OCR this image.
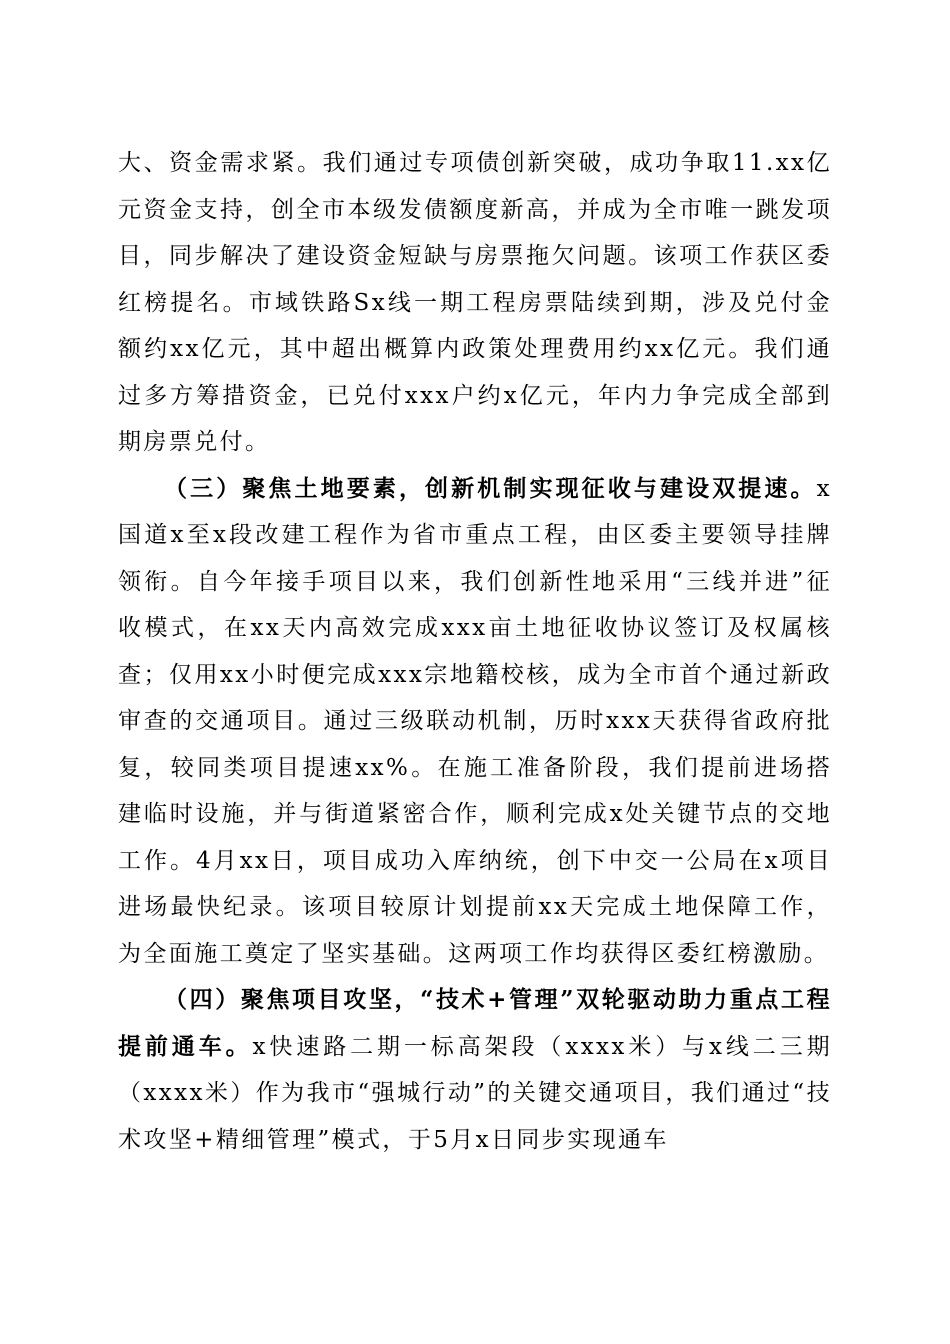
大、资金需求紧。我们通过专项债创新突破，成功争取11.xx亿元资金支持，创全市本级发债额度新高，并成为全市唯一跳发项目，同步解决了建设资金短缺与房票拖欠问题。该项工作获区委红榜提名。市域铁路Sx线一期工程房票陆续到期，涉及兑付金额约xx亿元，其中超出概算内政策处理费用约xx亿元。我们通过多方筹措资金，已兑付xxx户约x亿元，年内力争完成全部到期房票兑付。

（三）聚焦土地要素，创新机制实现征收与建设双提速。x国道x至x段改建工程作为省市重点工程，由区委主要领导挂牌领衔。自今年接手项目以来，我们创新性地采用“三线并进”征收模式，在xx天内高效完成xxx亩土地征收协议签订及权属核查；仅用xx小时便完成xxx宗地籍校核，成为全市首个通过新政审查的交通项目。通过三级联动机制，历时xxx天获得省政府批复，较同类项目提速xx%。在施工准备阶段，我们提前进场搭建临时设施，并与街道紧密合作，顺利完成x处关键节点的交地工作。4月xx日，项目成功入库纳统，创下中交一公局在x项目进场最快纪录。该项目较原计划提前xx天完成土地保障工作，为全面施工奠定了坚实基础。这两项工作均获得区委红榜激励。

（四）聚焦项目攻坚，“技术+管理”双轮驱动助力重点工程提前通车。x快速路二期一标高架段（xxxx米）与x线二三期（xxxx米）作为我市“强城行动”的关键交通项目，我们通过“技术攻坚+精细管理”模式，于5月x日同步实现通车
